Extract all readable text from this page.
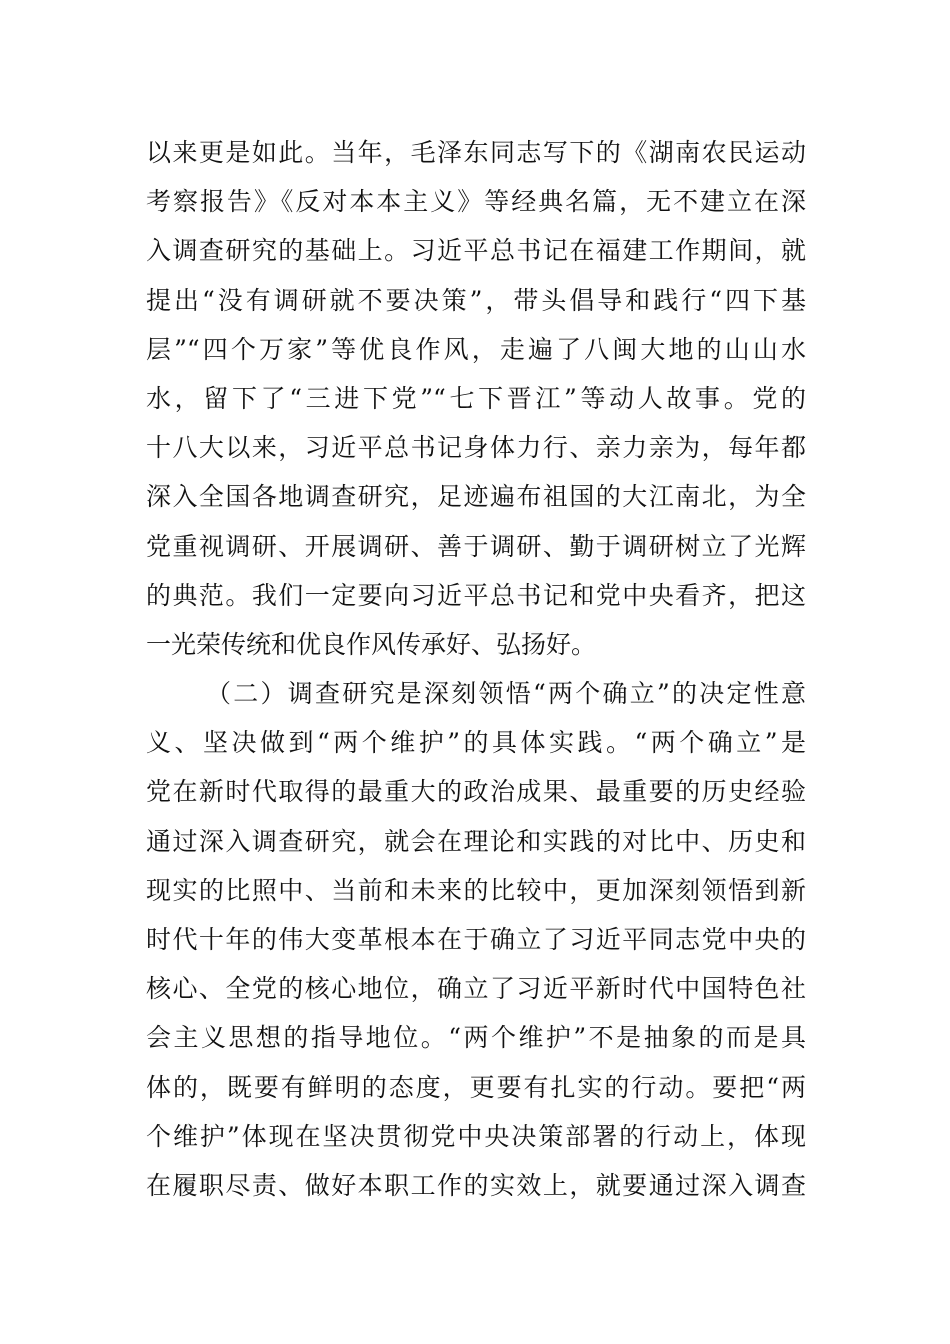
以来更是如此。当年，毛泽东同志写下的《湖南农民运动
考察报告》《反对本本主义》等经典名篇，无不建立在深
入调查研究的基础上。习近平总书记在福建工作期间，就
提出“没有调研就不要决策”，带头倡导和践行“四下基
层”“四个万家”等优良作风，走遍了八闽大地的山山水
水，留下了“三进下党”“七下晋江”等动人故事。党的
十八大以来，习近平总书记身体力行、亲力亲为，每年都
深入全国各地调查研究，足迹遍布祖国的大江南北，为全
党重视调研、开展调研、善于调研、勤于调研树立了光辉
的典范。我们一定要向习近平总书记和党中央看齐，把这
一光荣传统和优良作风传承好、弘扬好。
（二）调查研究是深刻领悟“两个确立”的决定性意
义、坚决做到“两个维护”的具体实践。“两个确立”是
党在新时代取得的最重大的政治成果、最重要的历史经验
通过深入调查研究，就会在理论和实践的对比中、历史和
现实的比照中、当前和未来的比较中，更加深刻领悟到新
时代十年的伟大变革根本在于确立了习近平同志党中央的
核心、全党的核心地位，确立了习近平新时代中国特色社
会主义思想的指导地位。“两个维护”不是抽象的而是具
体的，既要有鲜明的态度，更要有扎实的行动。要把“两
个维护”体现在坚决贯彻党中央决策部署的行动上，体现
在履职尽责、做好本职工作的实效上，就要通过深入调查
